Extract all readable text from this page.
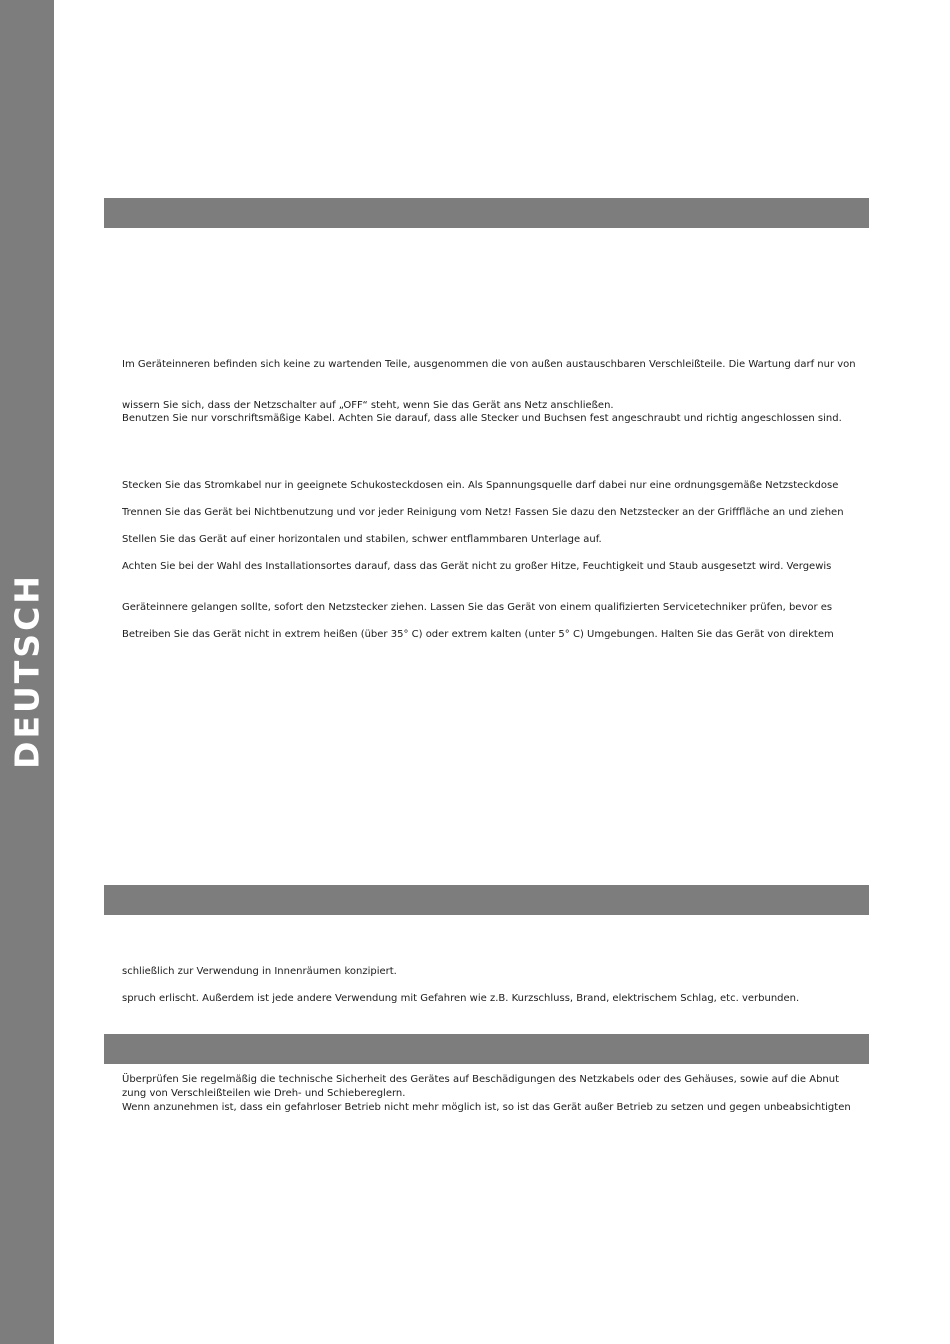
DEUTSCH
Im Geräteinneren befinden sich keine zu wartenden Teile, ausgenommen die von außen austauschbaren Verschleißteile. Die Wartung darf nur von
wissern Sie sich, dass der Netzschalter auf „OFF“ steht, wenn Sie das Gerät ans Netz anschließen.
Benutzen Sie nur vorschriftsmäßige Kabel. Achten Sie darauf, dass alle Stecker und Buchsen fest angeschraubt und richtig angeschlossen sind.
Stecken Sie das Stromkabel nur in geeignete Schukosteckdosen ein. Als Spannungsquelle darf dabei nur eine ordnungsgemäße Netzsteckdose
Trennen Sie das Gerät bei Nichtbenutzung und vor jeder Reinigung vom Netz! Fassen Sie dazu den Netzstecker an der Grifffläche an und ziehen
Stellen Sie das Gerät auf einer horizontalen und stabilen, schwer entflammbaren Unterlage auf.
Achten Sie bei der Wahl des Installationsortes darauf, dass das Gerät nicht zu großer Hitze, Feuchtigkeit und Staub ausgesetzt wird. Vergewis
Geräteinnere gelangen sollte, sofort den Netzstecker ziehen. Lassen Sie das Gerät von einem qualifizierten Servicetechniker prüfen, bevor es
Betreiben Sie das Gerät nicht in extrem heißen (über 35° C) oder extrem kalten (unter 5° C) Umgebungen. Halten Sie das Gerät von direktem
schließlich zur Verwendung in Innenräumen konzipiert.
spruch erlischt. Außerdem ist jede andere Verwendung mit Gefahren wie z.B. Kurzschluss, Brand, elektrischem Schlag, etc. verbunden.
Überprüfen Sie regelmäßig die technische Sicherheit des Gerätes auf Beschädigungen des Netzkabels oder des Gehäuses, sowie auf die Abnut
zung von Verschleißteilen wie Dreh- und Schiebereglern.
Wenn anzunehmen ist, dass ein gefahrloser Betrieb nicht mehr möglich ist, so ist das Gerät außer Betrieb zu setzen und gegen unbeabsichtigten
